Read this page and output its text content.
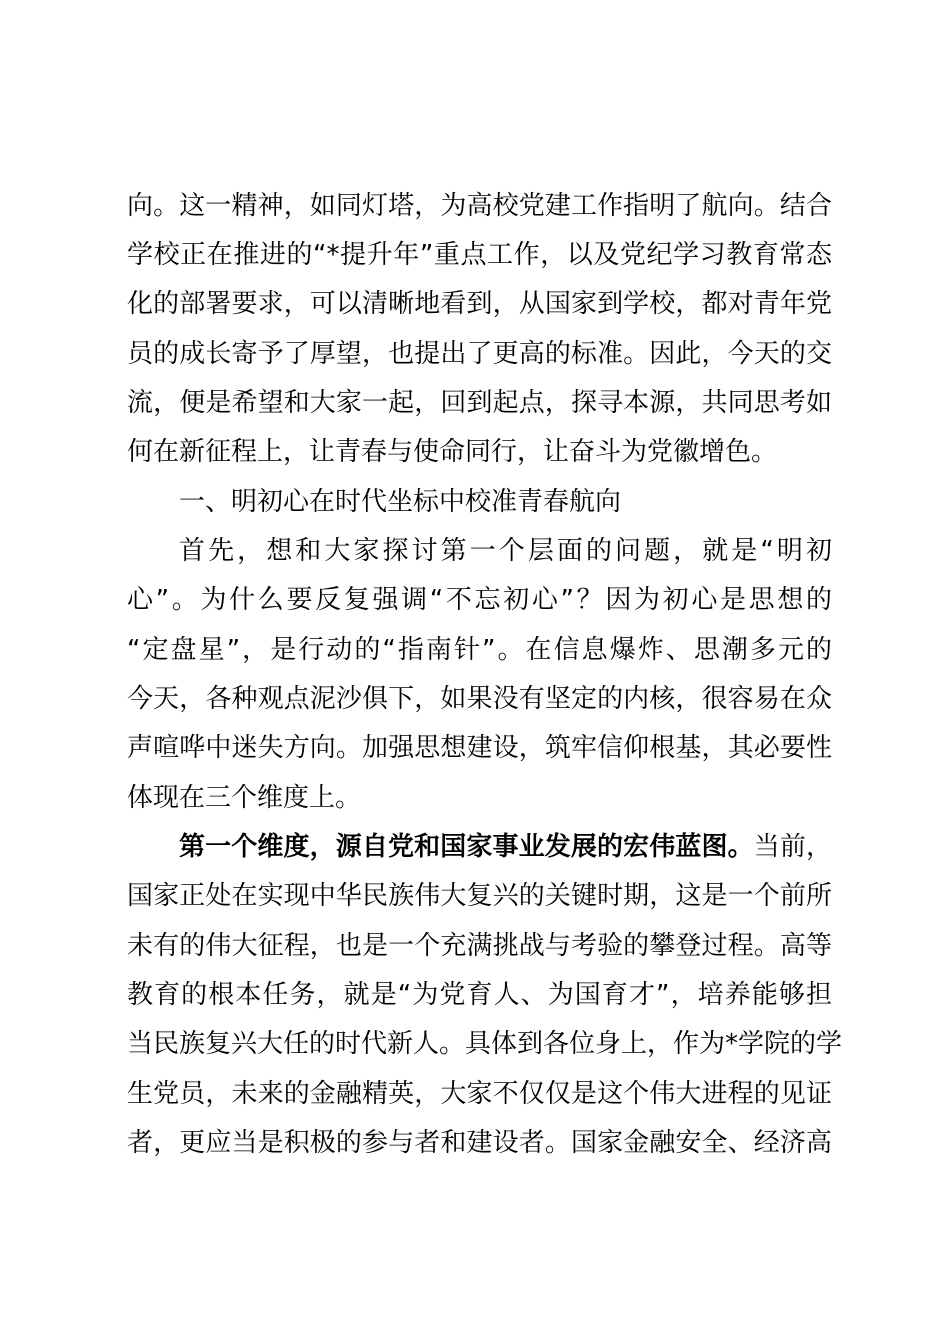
向。这一精神，如同灯塔，为高校党建工作指明了航向。结合
学校正在推进的“*提升年”重点工作，以及党纪学习教育常态
化的部署要求，可以清晰地看到，从国家到学校，都对青年党
员的成长寄予了厚望，也提出了更高的标准。因此，今天的交
流，便是希望和大家一起，回到起点，探寻本源，共同思考如
何在新征程上，让青春与使命同行，让奋斗为党徽增色。
一、明初心在时代坐标中校准青春航向
首先，想和大家探讨第一个层面的问题，就是“明初
心”。为什么要反复强调“不忘初心”？因为初心是思想的
“定盘星”，是行动的“指南针”。在信息爆炸、思潮多元的
今天，各种观点泥沙俱下，如果没有坚定的内核，很容易在众
声喧哗中迷失方向。加强思想建设，筑牢信仰根基，其必要性
体现在三个维度上。
第一个维度，源自党和国家事业发展的宏伟蓝图。当前，
国家正处在实现中华民族伟大复兴的关键时期，这是一个前所
未有的伟大征程，也是一个充满挑战与考验的攀登过程。高等
教育的根本任务，就是“为党育人、为国育才”，培养能够担
当民族复兴大任的时代新人。具体到各位身上，作为*学院的学
生党员，未来的金融精英，大家不仅仅是这个伟大进程的见证
者，更应当是积极的参与者和建设者。国家金融安全、经济高
